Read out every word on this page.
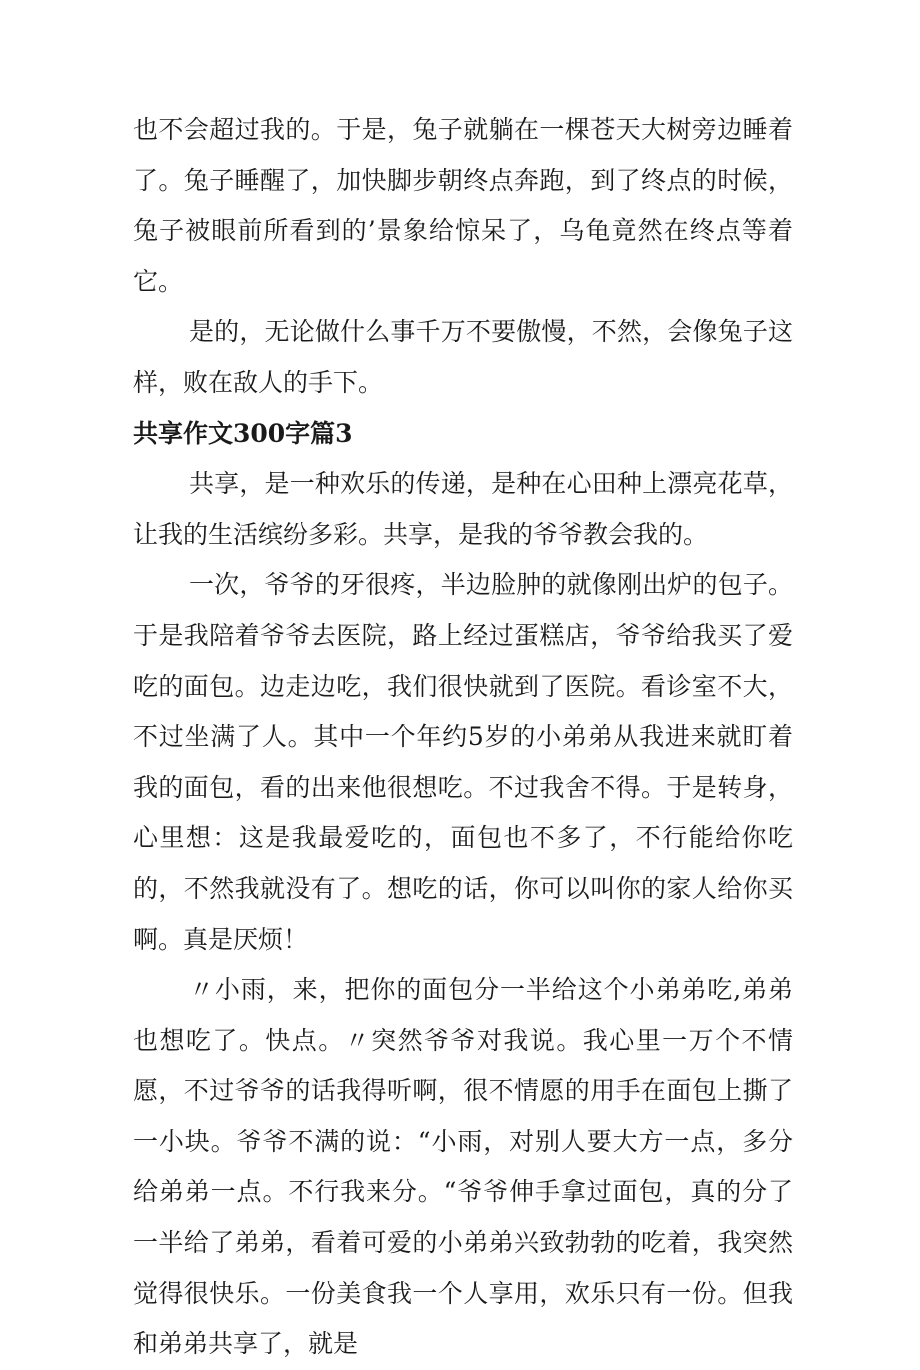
也不会超过我的。于是，兔子就躺在一棵苍天大树旁边睡着了。兔子睡醒了，加快脚步朝终点奔跑，到了终点的时候，兔子被眼前所看到的’景象给惊呆了，乌龟竟然在终点等着它。

是的，无论做什么事千万不要傲慢，不然，会像兔子这样，败在敌人的手下。

共享作文300字篇3

共享，是一种欢乐的传递，是种在心田种上漂亮花草，让我的生活缤纷多彩。共享，是我的爷爷教会我的。

一次，爷爷的牙很疼，半边脸肿的就像刚出炉的包子。于是我陪着爷爷去医院，路上经过蛋糕店，爷爷给我买了爱吃的面包。边走边吃，我们很快就到了医院。看诊室不大，不过坐满了人。其中一个年约5岁的小弟弟从我进来就盯着我的面包，看的出来他很想吃。不过我舍不得。于是转身，心里想：这是我最爱吃的，面包也不多了，不行能给你吃的，不然我就没有了。想吃的话，你可以叫你的家人给你买啊。真是厌烦！

〃小雨，来，把你的面包分一半给这个小弟弟吃,弟弟也想吃了。快点。〃突然爷爷对我说。我心里一万个不情愿，不过爷爷的话我得听啊，很不情愿的用手在面包上撕了一小块。爷爷不满的说：“小雨，对别人要大方一点，多分给弟弟一点。不行我来分。“爷爷伸手拿过面包，真的分了一半给了弟弟，看着可爱的小弟弟兴致勃勃的吃着，我突然觉得很快乐。一份美食我一个人享用，欢乐只有一份。但我和弟弟共享了，就是
